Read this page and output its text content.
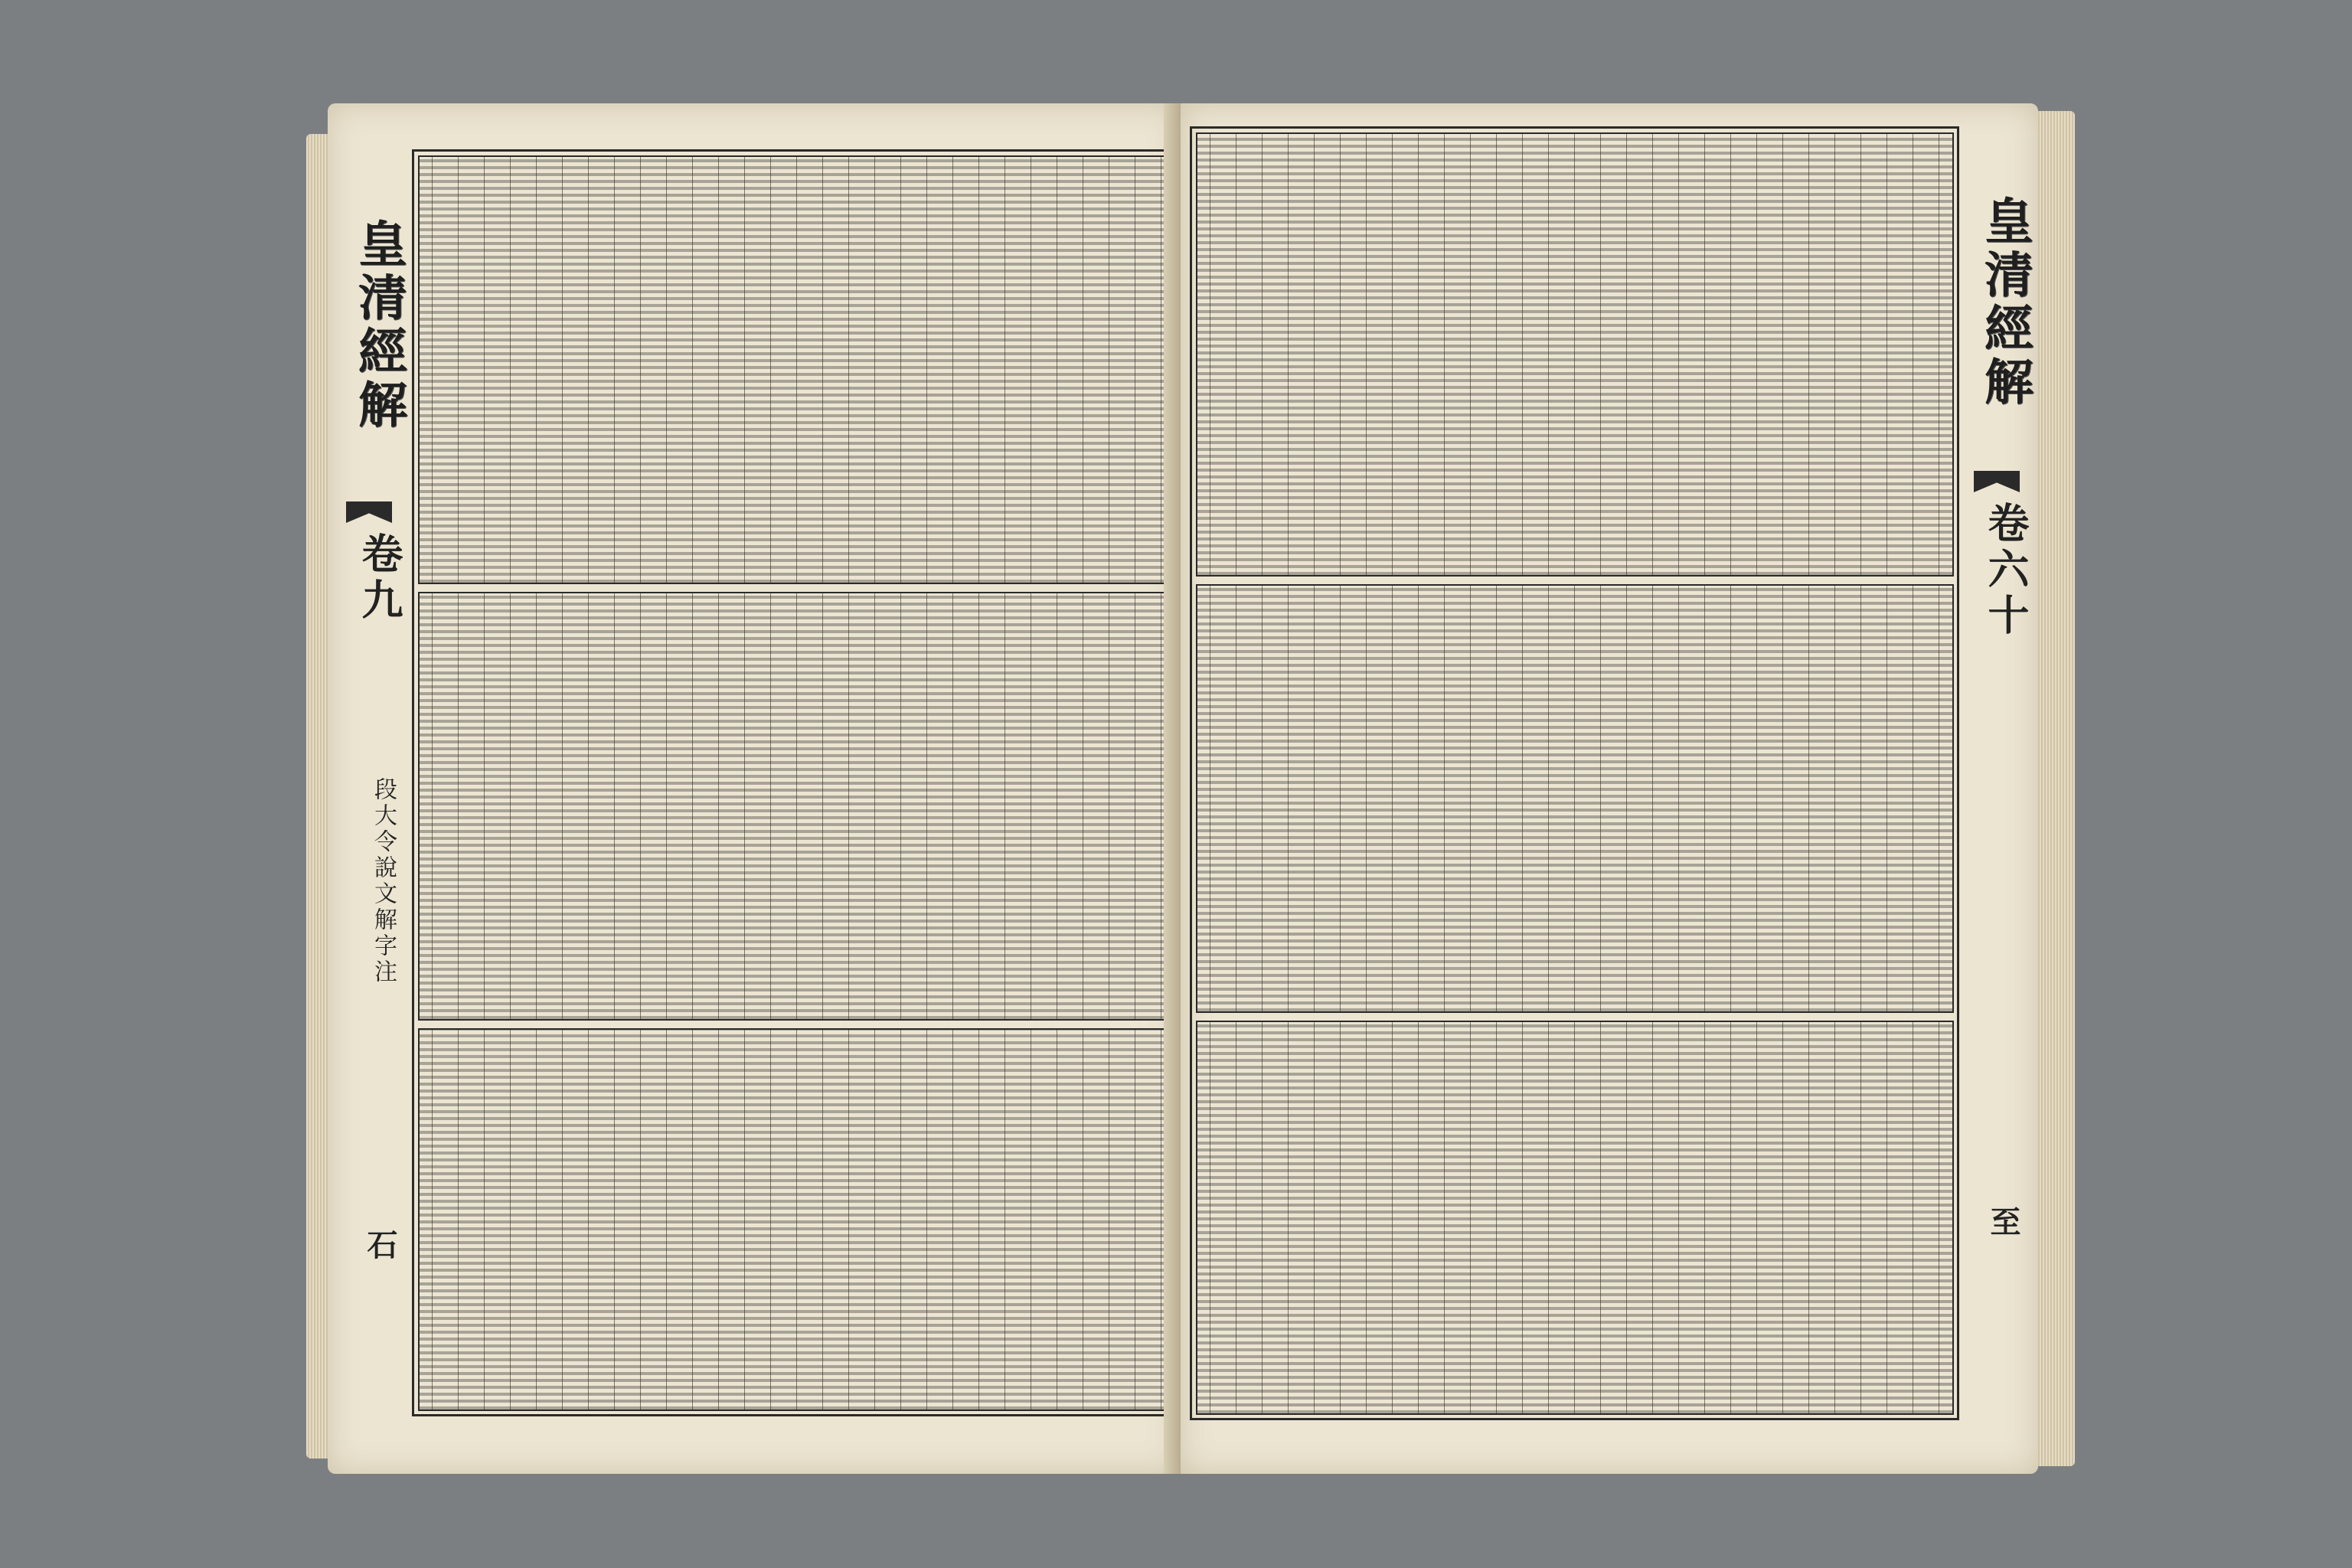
皇清經解
卷九
段大令說文解字注
石
皇清經解
卷六十
至
